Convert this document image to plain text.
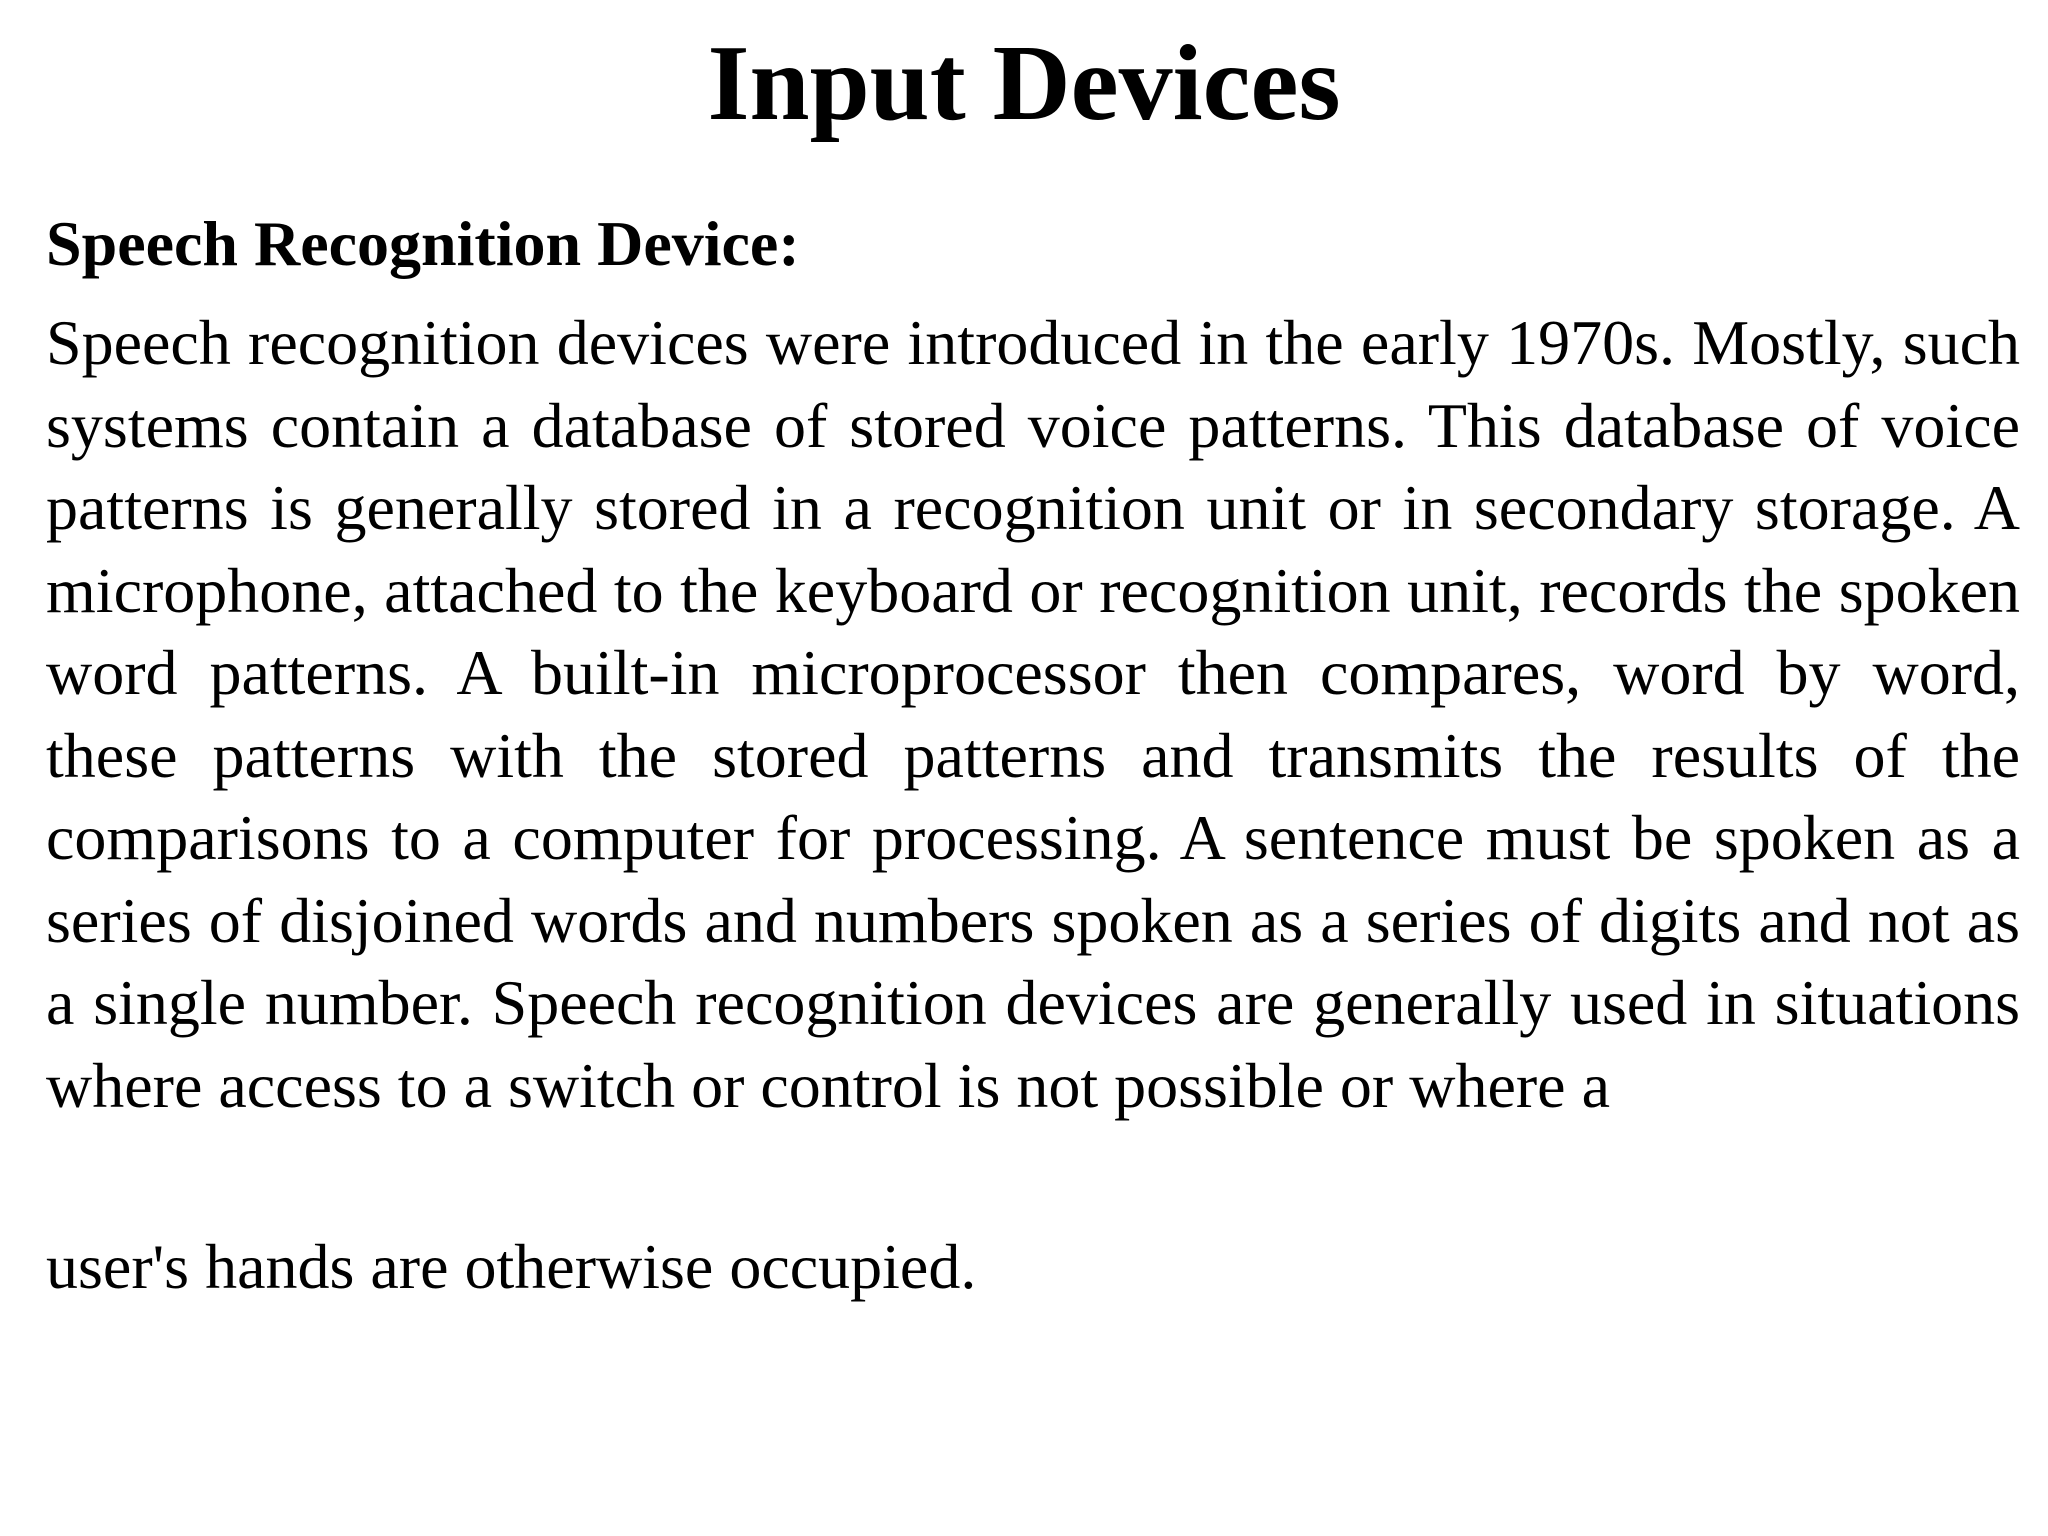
Input Devices
Speech Recognition Device:

Speech recognition devices were introduced in the early 1970s. Mostly, such systems contain a database of stored voice patterns. This database of voice patterns is generally stored in a recognition unit or in secondary storage. A microphone, attached to the keyboard or recognition unit, records the spoken word patterns. A built-in microprocessor then compares, word by word, these patterns with the stored patterns and transmits the results of the comparisons to a computer for processing. A sentence must be spoken as a series of disjoined words and numbers spoken as a series of digits and not as a single number. Speech recognition devices are generally used in situations where access to a switch or control is not possible or where a

user's hands are otherwise occupied.
